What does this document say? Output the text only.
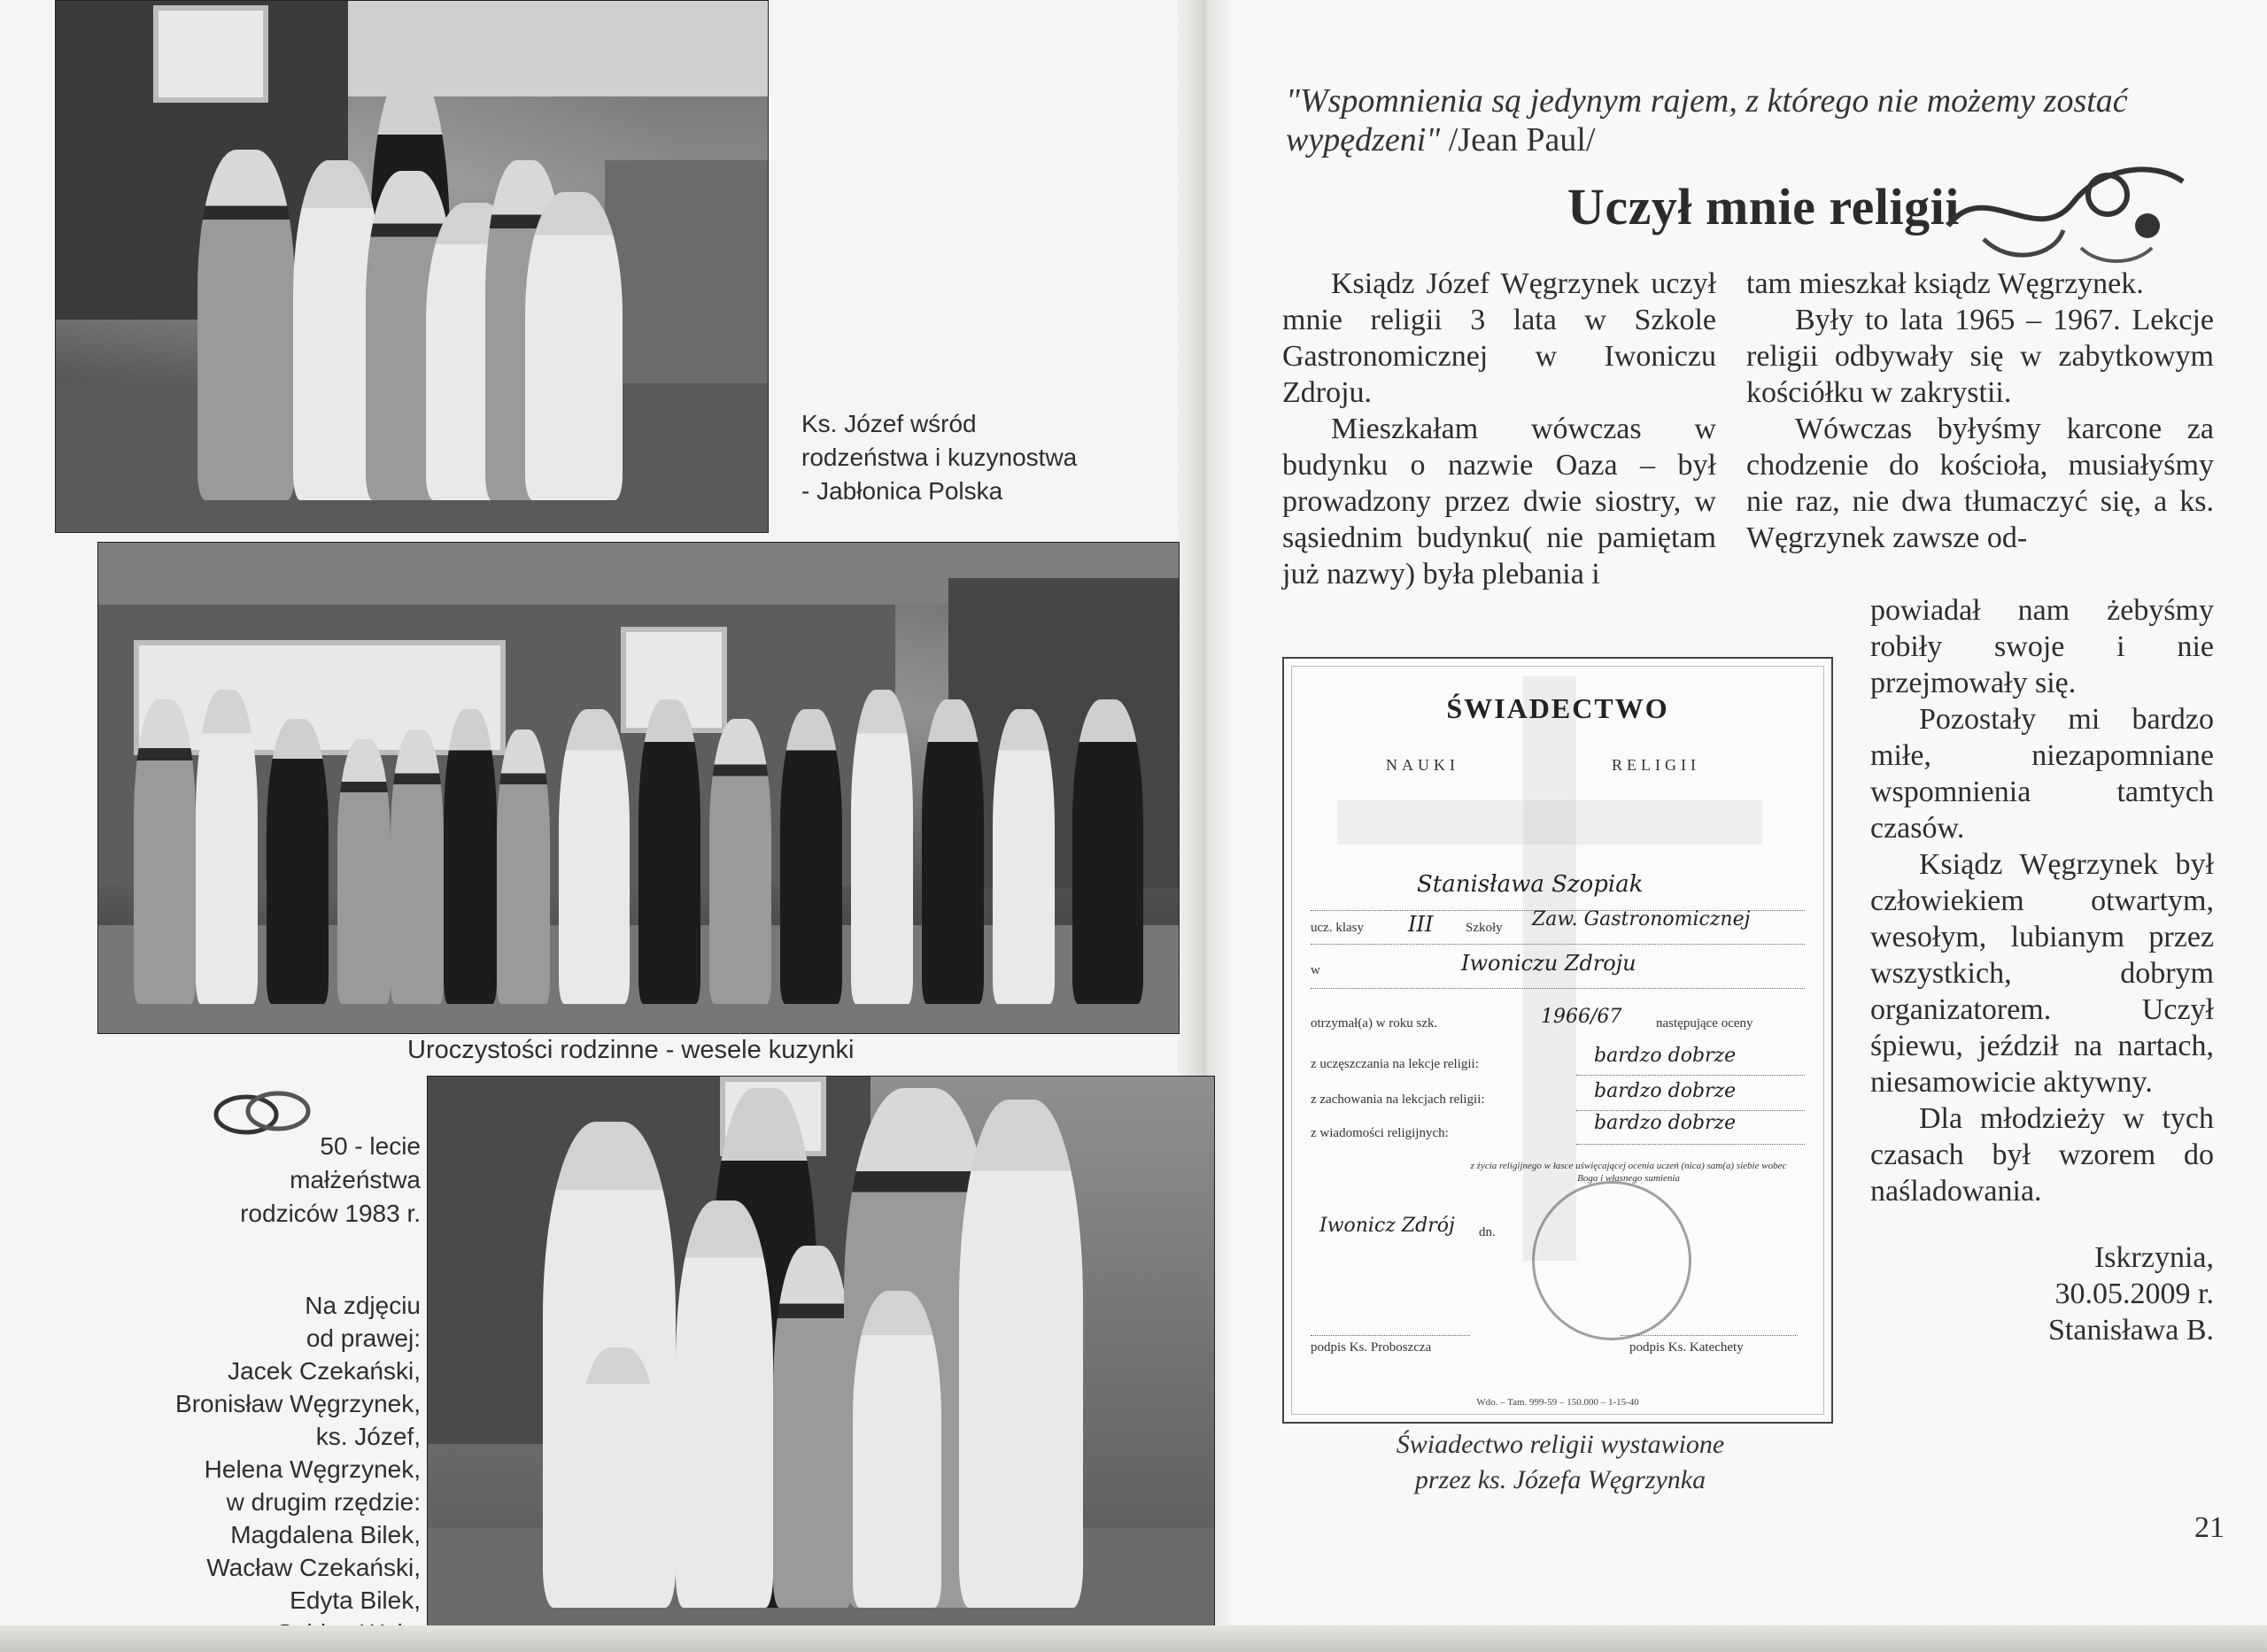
Ks. Józef wśród
rodzeństwa i kuzynostwa
- Jabłonica Polska
Uroczystości rodzinne - wesele kuzynki
50 - lecie
małżeństwa
rodziców 1983 r.
Na zdjęciu
od prawej:
Jacek Czekański,
Bronisław Węgrzynek,
ks. Józef,
Helena Węgrzynek,
w drugim rzędzie:
Magdalena Bilek,
Wacław Czekański,
Edyta Bilek,
"Wspomnienia są jedynym rajem, z którego nie możemy zostać wypędzeni" /Jean Paul/
Uczył mnie religii

Ksiądz Józef Węgrzynek uczył mnie religii 3 lata w Szkole Gastronomicznej w Iwoniczu Zdroju.

Mieszkałam wówczas w budynku o nazwie Oaza – był prowadzony przez dwie siostry, w sąsiednim budynku( nie pamiętam już nazwy) była plebania i

tam mieszkał ksiądz Węgrzynek.

Były to lata 1965 – 1967. Lekcje religii odbywały się w zabytkowym kościółku w zakrystii.

Wówczas byłyśmy karcone za chodzenie do kościoła, musiałyśmy nie raz, nie dwa tłumaczyć się, a ks. Węgrzynek zawsze od-

powiadał nam żebyśmy robiły swoje i nie przejmowały się.

Pozostały mi bardzo miłe, niezapomniane wspomnienia tamtych czasów.

Ksiądz Węgrzynek był człowiekiem otwartym, wesołym, lubianym przez wszystkich, dobrym organizatorem. Uczył śpiewu, jeździł na nartach, niesamowicie aktywny.

Dla młodzieży w tych czasach był wzorem do naśladowania.

Iskrzynia,
30.05.2009 r.
Stanisława B.
ŚWIADECTWO
NAUKI	RELIGII
Stanisława Szopiak
ucz. klasy	III Szkoły	Zaw. Gastronomicznej
w	Iwoniczu Zdroju
otrzymał(a) w roku szk.	1966/67	następujące oceny
z uczęszczania na lekcje religii:	bardzo dobrze
z zachowania na lekcjach religii:	bardzo dobrze
z wiadomości religijnych:	bardzo dobrze
z życia religijnego w łasce uświęcającej ocenia uczeń (nica) sam(a) siebie wobec Boga i własnego sumienia
Iwonicz Zdrój dn.
podpis Ks. Proboszcza	podpis Ks. Katechety
Wdo. – Tam. 999-59 – 150.000 – 1-15-40
Świadectwo religii wystawione
przez ks. Józefa Węgrzynka
21
